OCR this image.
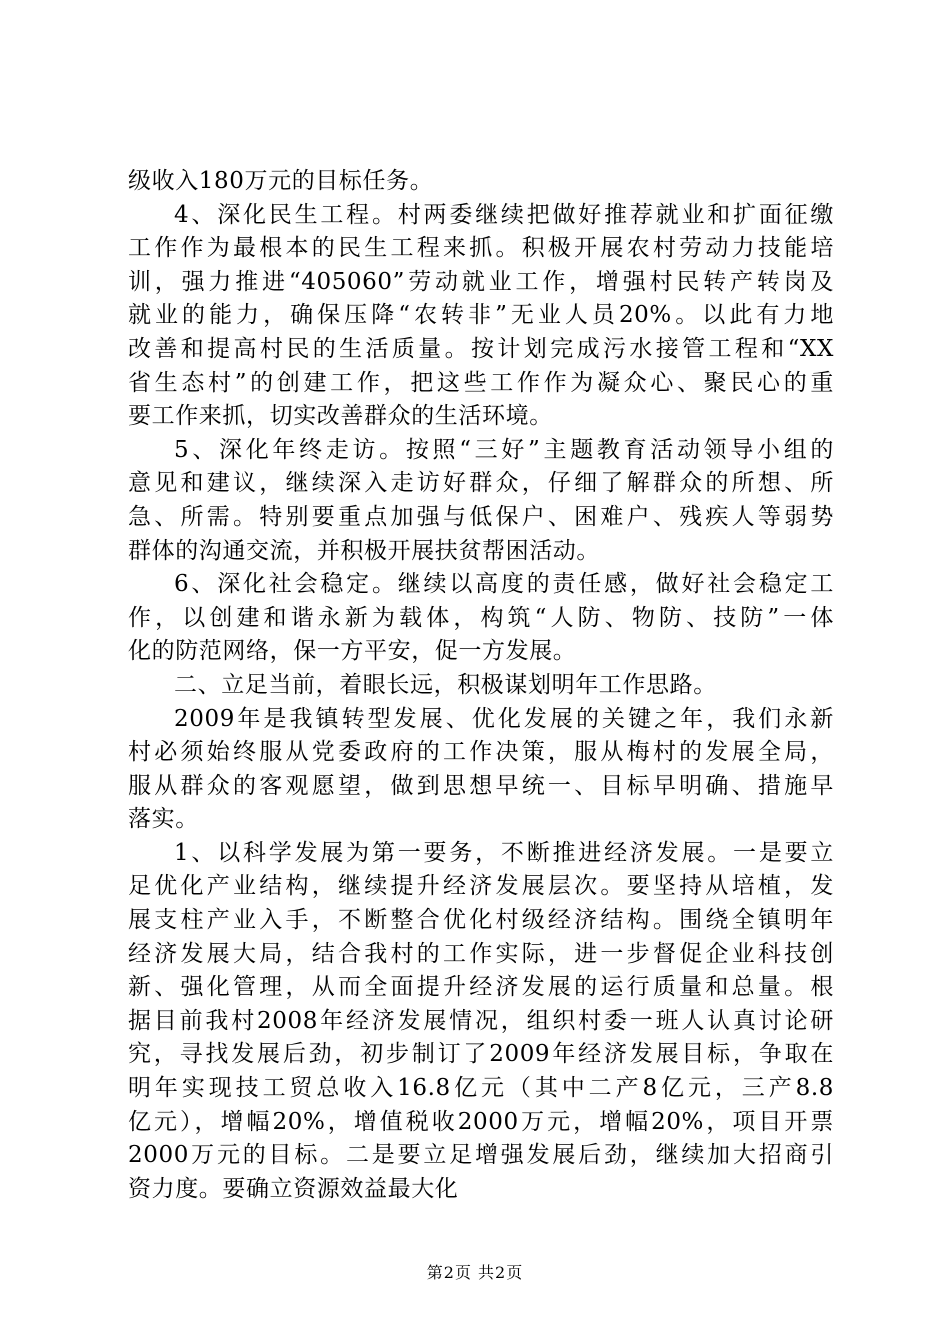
级收入180万元的目标任务。
4、深化民生工程。村两委继续把做好推荐就业和扩面征缴
工作作为最根本的民生工程来抓。积极开展农村劳动力技能培
训，强力推进“405060”劳动就业工作，增强村民转产转岗及
就业的能力，确保压降“农转非”无业人员20%。以此有力地
改善和提高村民的生活质量。按计划完成污水接管工程和“XX
省生态村”的创建工作，把这些工作作为凝众心、聚民心的重
要工作来抓，切实改善群众的生活环境。
5、深化年终走访。按照“三好”主题教育活动领导小组的
意见和建议，继续深入走访好群众，仔细了解群众的所想、所
急、所需。特别要重点加强与低保户、困难户、残疾人等弱势
群体的沟通交流，并积极开展扶贫帮困活动。
6、深化社会稳定。继续以高度的责任感，做好社会稳定工
作，以创建和谐永新为载体，构筑“人防、物防、技防”一体
化的防范网络，保一方平安，促一方发展。
二、立足当前，着眼长远，积极谋划明年工作思路。
2009年是我镇转型发展、优化发展的关键之年，我们永新
村必须始终服从党委政府的工作决策，服从梅村的发展全局，
服从群众的客观愿望，做到思想早统一、目标早明确、措施早
落实。
1、以科学发展为第一要务，不断推进经济发展。一是要立
足优化产业结构，继续提升经济发展层次。要坚持从培植，发
展支柱产业入手，不断整合优化村级经济结构。围绕全镇明年
经济发展大局，结合我村的工作实际，进一步督促企业科技创
新、强化管理，从而全面提升经济发展的运行质量和总量。根
据目前我村2008年经济发展情况，组织村委一班人认真讨论研
究，寻找发展后劲，初步制订了2009年经济发展目标，争取在
明年实现技工贸总收入16.8亿元（其中二产8亿元，三产8.8
亿元），增幅20%，增值税收2000万元，增幅20%，项目开票
2000万元的目标。二是要立足增强发展后劲，继续加大招商引
资力度。要确立资源效益最大化
第2页 共2页
